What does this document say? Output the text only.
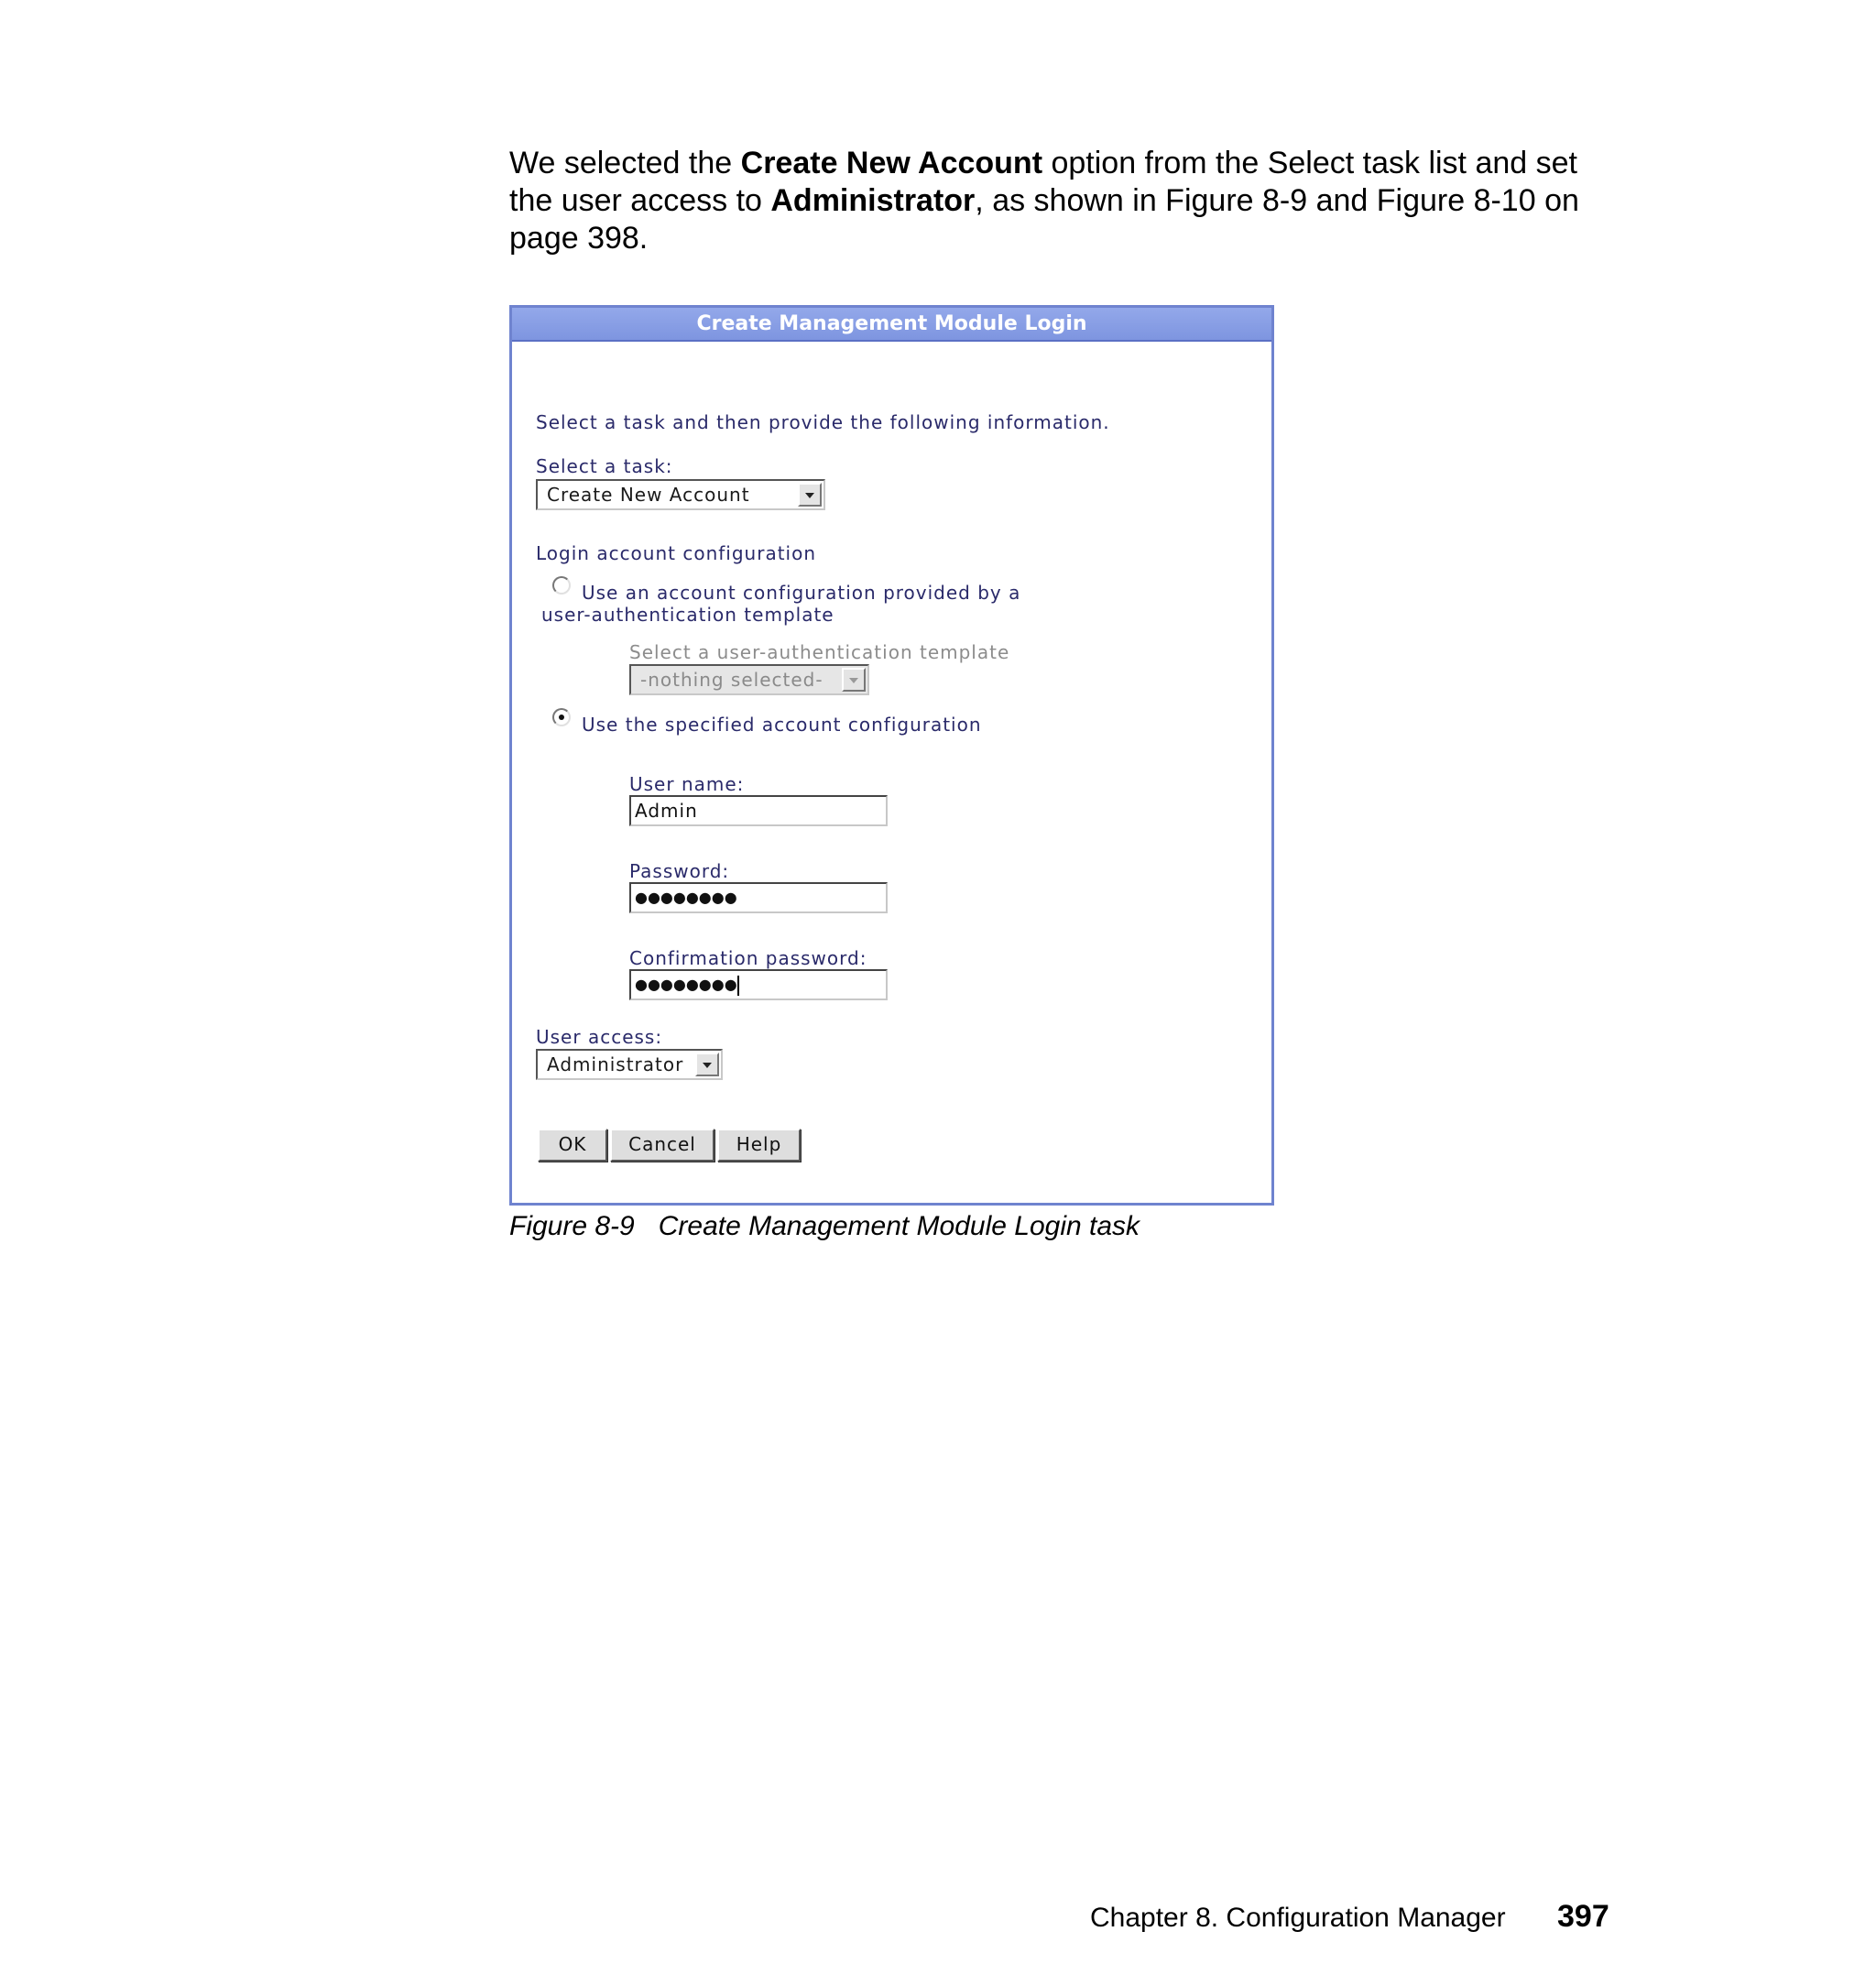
We selected the Create New Account option from the Select task list and set the user access to Administrator, as shown in Figure 8-9 and Figure 8-10 on page 398.
Create Management Module Login
Select a task and then provide the following information.
Select a task:
Create New Account
Login account configuration
Use an account configuration provided by a
user-authentication template
Select a user-authentication template
-nothing selected-
Use the specified account configuration
User name:
Admin
Password:
●●●●●●●●
Confirmation password:
●●●●●●●●
User access:
Administrator
OK	Cancel	Help
Figure 8-9 Create Management Module Login task
Chapter 8. Configuration Manager 397
